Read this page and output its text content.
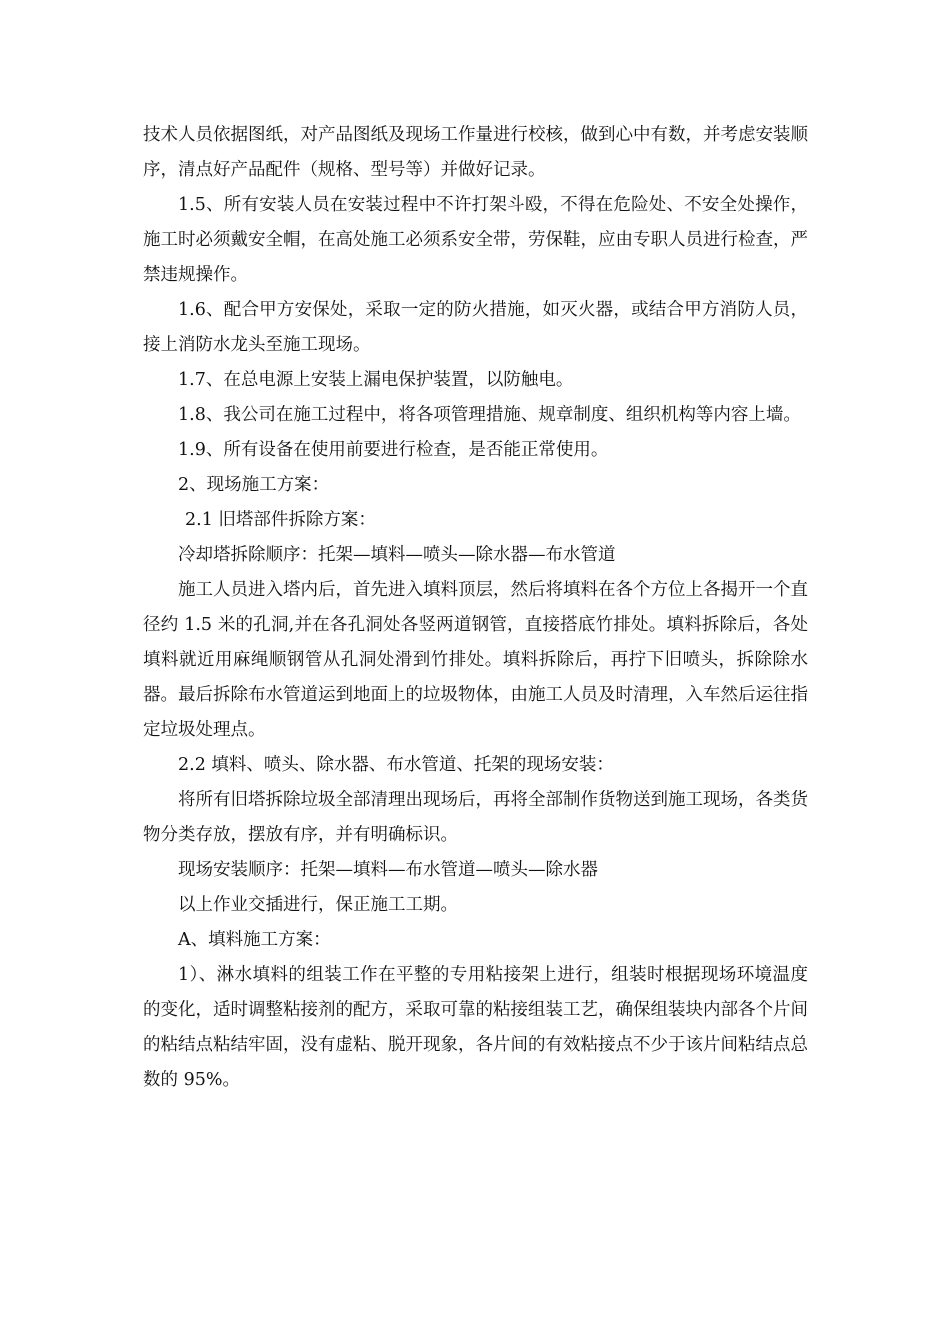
技术人员依据图纸，对产品图纸及现场工作量进行校核，做到心中有数，并考虑安装顺序，清点好产品配件（规格、型号等）并做好记录。

1.5、所有安装人员在安装过程中不许打架斗殴，不得在危险处、不安全处操作，施工时必须戴安全帽，在高处施工必须系安全带，劳保鞋，应由专职人员进行检查，严禁违规操作。

1.6、配合甲方安保处，采取一定的防火措施，如灭火器，或结合甲方消防人员，接上消防水龙头至施工现场。

1.7、在总电源上安装上漏电保护装置，以防触电。

1.8、我公司在施工过程中，将各项管理措施、规章制度、组织机构等内容上墙。

1.9、所有设备在使用前要进行检查，是否能正常使用。

2、现场施工方案：

2.1 旧塔部件拆除方案：

冷却塔拆除顺序：托架—填料—喷头—除水器—布水管道

施工人员进入塔内后，首先进入填料顶层，然后将填料在各个方位上各揭开一个直径约 1.5 米的孔洞,并在各孔洞处各竖两道钢管，直接搭底竹排处。填料拆除后，各处填料就近用麻绳顺钢管从孔洞处滑到竹排处。填料拆除后，再拧下旧喷头，拆除除水器。最后拆除布水管道运到地面上的垃圾物体，由施工人员及时清理，入车然后运往指定垃圾处理点。

2.2 填料、喷头、除水器、布水管道、托架的现场安装：

将所有旧塔拆除垃圾全部清理出现场后，再将全部制作货物送到施工现场，各类货物分类存放，摆放有序，并有明确标识。

现场安装顺序：托架—填料—布水管道—喷头—除水器

以上作业交插进行，保正施工工期。

A、填料施工方案：

1）、淋水填料的组装工作在平整的专用粘接架上进行，组装时根据现场环境温度的变化，适时调整粘接剂的配方，采取可靠的粘接组装工艺，确保组装块内部各个片间的粘结点粘结牢固，没有虚粘、脱开现象，各片间的有效粘接点不少于该片间粘结点总数的 95%。
